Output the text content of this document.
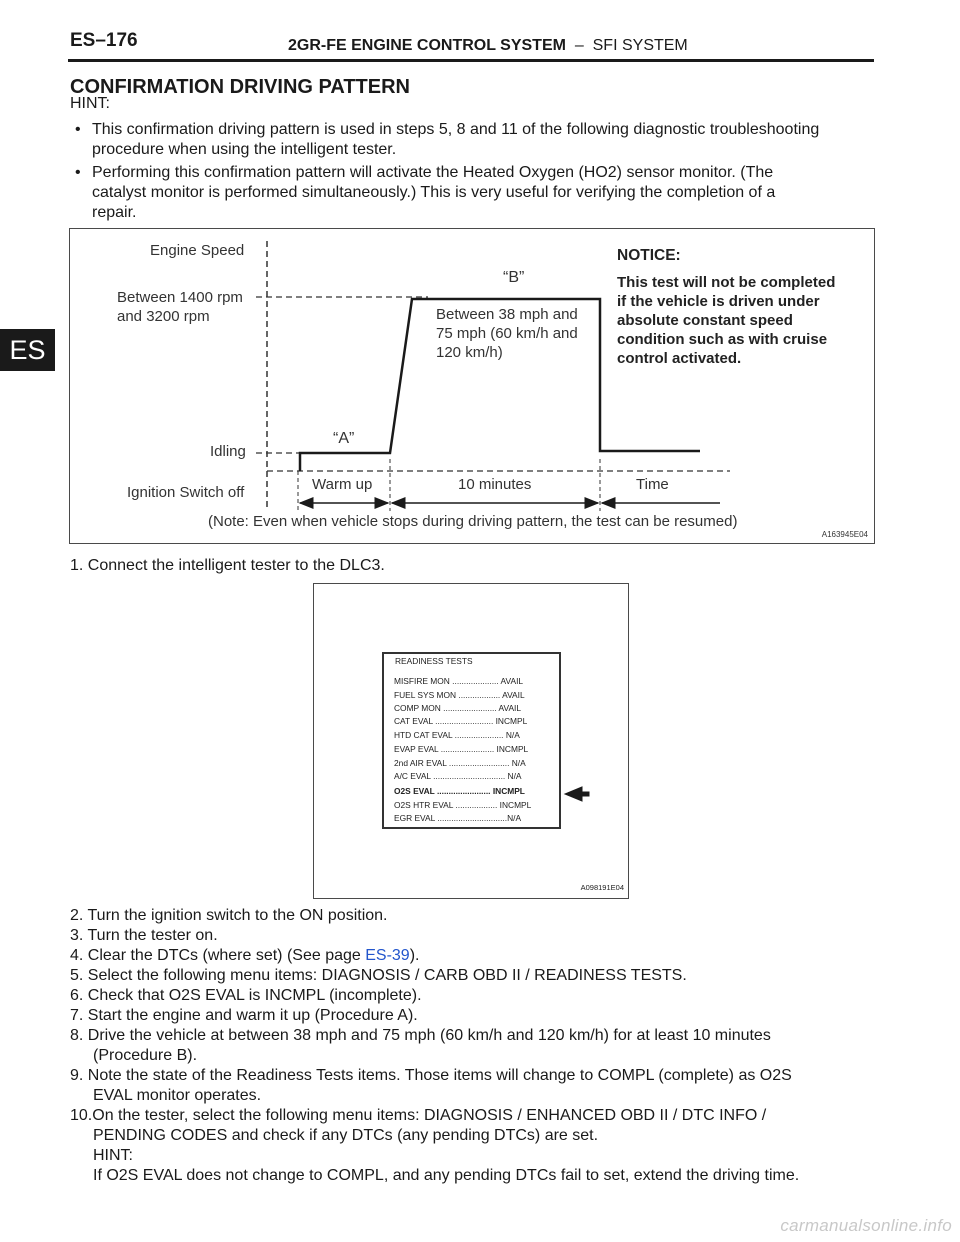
ES–176	2GR-FE ENGINE CONTROL SYSTEM  –  SFI SYSTEM
ES
CONFIRMATION DRIVING PATTERN
HINT:
• This confirmation driving pattern is used in steps 5, 8 and 11 of the following diagnostic troubleshooting
procedure when using the intelligent tester.
• Performing this confirmation pattern will activate the Heated Oxygen (HO2) sensor monitor. (The
catalyst monitor is performed simultaneously.) This is very useful for verifying the completion of a
repair.
Engine Speed
Between 1400 rpm
and 3200 rpm
Idling
Ignition Switch off
“A”
“B”
Between 38 mph and
75 mph (60 km/h and
120 km/h)
NOTICE:
This test will not be completed
if the vehicle is driven under
absolute constant speed
condition such as with cruise
control activated.
Warm up	10 minutes	Time
(Note: Even when vehicle stops during driving pattern, the test can be resumed)
A163945E04
1. Connect the intelligent tester to the DLC3.
READINESS TESTS
MISFIRE MON .................... AVAIL
FUEL SYS MON .................. AVAIL
COMP MON ....................... AVAIL
CAT EVAL ......................... INCMPL
HTD CAT EVAL ..................... N/A
EVAP EVAL ....................... INCMPL
2nd AIR EVAL .......................... N/A
A/C EVAL ............................... N/A
O2S EVAL ....................... INCMPL
O2S HTR EVAL .................. INCMPL
EGR EVAL ..............................N/A
A098191E04
2. Turn the ignition switch to the ON position.
3. Turn the tester on.
4. Clear the DTCs (where set) (See page ES-39).
5. Select the following menu items: DIAGNOSIS / CARB OBD II / READINESS TESTS.
6. Check that O2S EVAL is INCMPL (incomplete).
7. Start the engine and warm it up (Procedure A).
8. Drive the vehicle at between 38 mph and 75 mph (60 km/h and 120 km/h) for at least 10 minutes
(Procedure B).
9. Note the state of the Readiness Tests items. Those items will change to COMPL (complete) as O2S
EVAL monitor operates.
10.On the tester, select the following menu items: DIAGNOSIS / ENHANCED OBD II / DTC INFO /
PENDING CODES and check if any DTCs (any pending DTCs) are set.
HINT:
If O2S EVAL does not change to COMPL, and any pending DTCs fail to set, extend the driving time.
carmanualsonline.info
